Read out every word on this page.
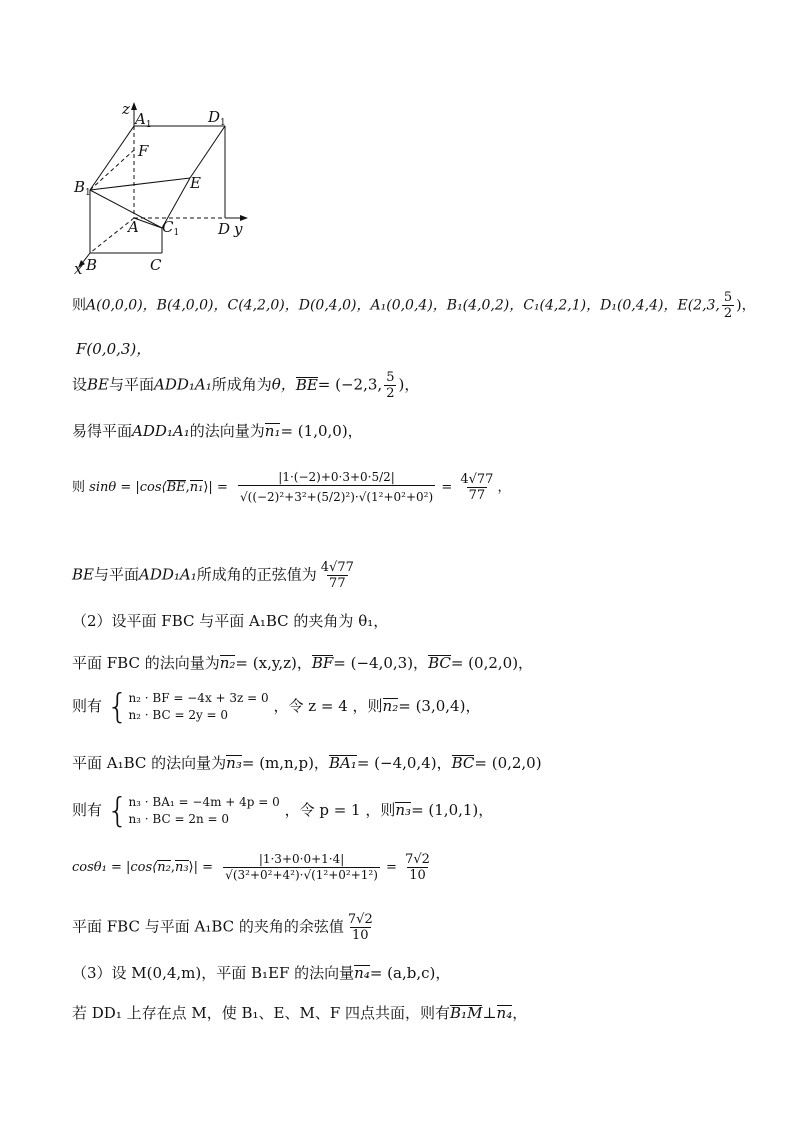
z
$A_1$	$D_1$
F
$B_1$
E
A $C_1$	D y
x B	C
则A(0,0,0)，B(4,0,0)，C(4,2,0)，D(0,4,0)，A₁(0,0,4)，B₁(4,0,2)，C₁(4,2,1)，D₁(0,4,4)，E(2,3, $\frac{5}{2}$ )，
F(0,0,3)，
设BE与平面ADD₁A₁所成角为θ，BE= (−2,3, $\frac{5}{2}$ )，
易得平面ADD₁A₁的法向量为n₁= (1,0,0)，
则 sinθ = |cos⟨BE,n₁⟩| = $\frac{|1\cdot(-2)+0\cdot 3+0\cdot 5/2|}{\text{√((−2)²+3²+(5/2)²)·√(1²+0²+0²)}} = \frac{4√77}{77}$ ，
BE与平面ADD₁A₁所成角的正弦值为 $\frac{4√77}{77}$
（2）设平面 FBC 与平面 A₁BC 的夹角为 θ₁，
平面 FBC 的法向量为n₂= (x,y,z)，BF= (−4,0,3)，BC= (0,2,0)，
则有 { n₂ · BF = −4x + 3z = 0
n₂ · BC = 2y = 0	，令 z = 4 ，则n₂= (3,0,4)，
平面 A₁BC 的法向量为n₃= (m,n,p)，BA₁= (−4,0,4)，BC= (0,2,0)
则有 { n₃ · BA₁ = −4m + 4p = 0
n₃ · BC = 2n = 0	，令 p = 1 ，则n₃= (1,0,1)，
cosθ₁ = |cos⟨n₂,n₃⟩| = $\frac{|1\cdot 3+0\cdot 0+1\cdot 4|}{\text{√(3²+0²+4²)·√(1²+0²+1²)}} = \frac{7√2}{10}$
平面 FBC 与平面 A₁BC 的夹角的余弦值 $\frac{7√2}{10}$
（3）设 M(0,4,m)，平面 B₁EF 的法向量n₄= (a,b,c)，
若 DD₁ 上存在点 M，使 B₁、E、M、F 四点共面，则有B₁M⊥n₄，
